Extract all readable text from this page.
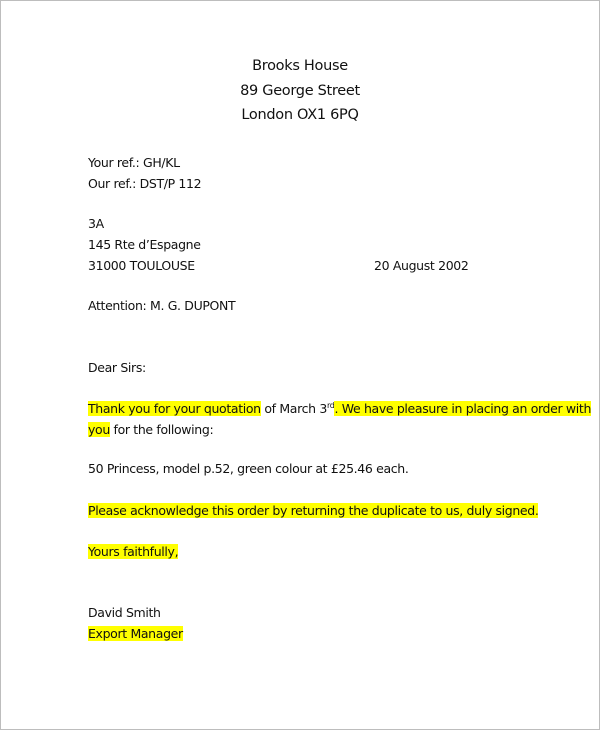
Brooks House
89 George Street
London OX1 6PQ
Your ref.: GH/KL
Our ref.: DST/P 112
3A
145 Rte d’Espagne
31000 TOULOUSE	20 August 2002
Attention: M. G. DUPONT
Dear Sirs:
Thank you for your quotation of March 3rd. We have pleasure in placing an order with
you for the following:
50 Princess, model p.52, green colour at £25.46 each.
Please acknowledge this order by returning the duplicate to us, duly signed.
Yours faithfully,
David Smith
Export Manager
